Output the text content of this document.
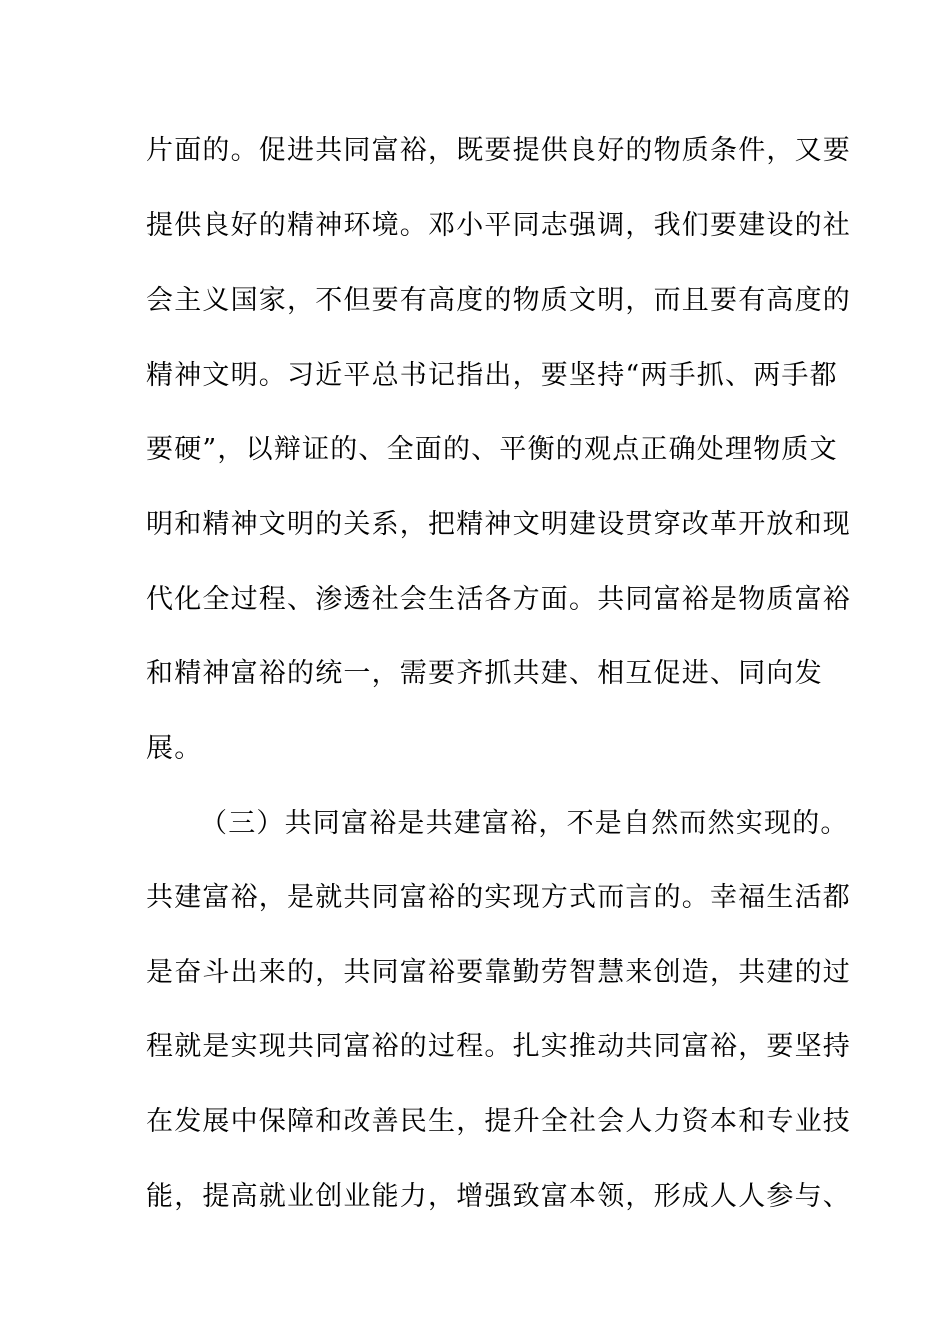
片面的。促进共同富裕，既要提供良好的物质条件，又要
提供良好的精神环境。邓小平同志强调，我们要建设的社
会主义国家，不但要有高度的物质文明，而且要有高度的
精神文明。习近平总书记指出，要坚持“两手抓、两手都
要硬”，以辩证的、全面的、平衡的观点正确处理物质文
明和精神文明的关系，把精神文明建设贯穿改革开放和现
代化全过程、渗透社会生活各方面。共同富裕是物质富裕
和精神富裕的统一，需要齐抓共建、相互促进、同向发
展。
（三）共同富裕是共建富裕，不是自然而然实现的。
共建富裕，是就共同富裕的实现方式而言的。幸福生活都
是奋斗出来的，共同富裕要靠勤劳智慧来创造，共建的过
程就是实现共同富裕的过程。扎实推动共同富裕，要坚持
在发展中保障和改善民生，提升全社会人力资本和专业技
能，提高就业创业能力，增强致富本领，形成人人参与、
